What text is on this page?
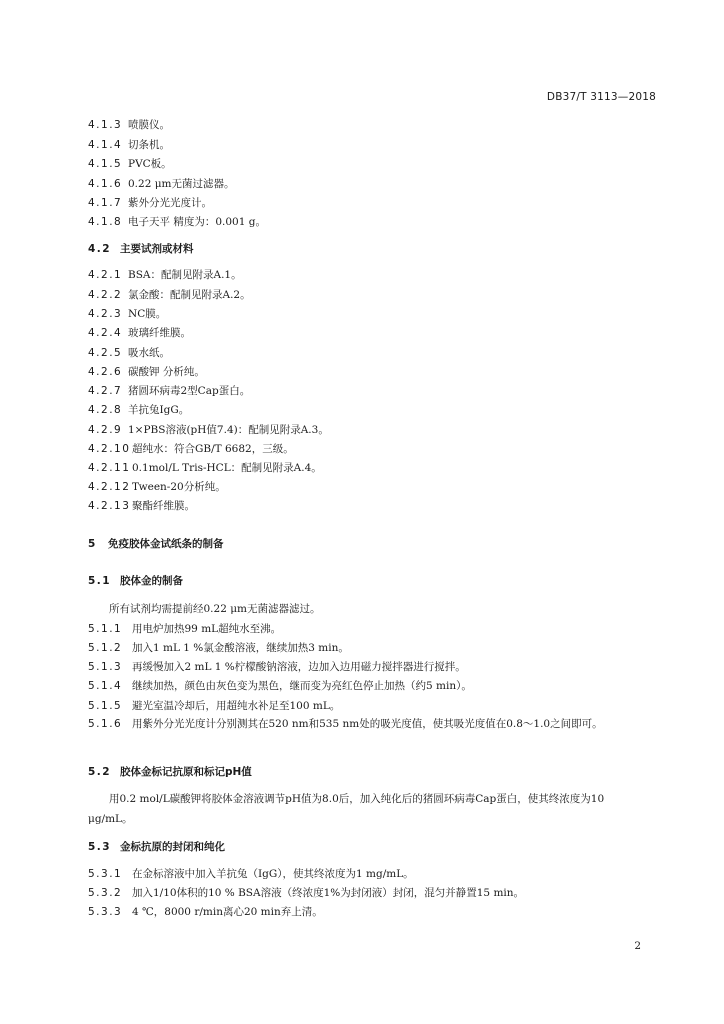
DB37/T 3113—2018
4.1.3 喷膜仪。
4.1.4 切条机。
4.1.5 PVC板。
4.1.6 0.22 μm无菌过滤器。
4.1.7 紫外分光光度计。
4.1.8 电子天平 精度为：0.001 g。
4.2 主要试剂或材料
4.2.1 BSA：配制见附录A.1。
4.2.2 氯金酸：配制见附录A.2。
4.2.3 NC膜。
4.2.4 玻璃纤维膜。
4.2.5 吸水纸。
4.2.6 碳酸钾 分析纯。
4.2.7 猪圆环病毒2型Cap蛋白。
4.2.8 羊抗兔IgG。
4.2.9 1×PBS溶液(pH值7.4)：配制见附录A.3。
4.2.10 超纯水：符合GB/T 6682，三级。
4.2.11 0.1mol/L Tris-HCL：配制见附录A.4。
4.2.12 Tween-20分析纯。
4.2.13 聚酯纤维膜。
5 免疫胶体金试纸条的制备
5.1 胶体金的制备
所有试剂均需提前经0.22 μm无菌滤器滤过。
5.1.1 用电炉加热99 mL超纯水至沸。
5.1.2 加入1 mL 1 %氯金酸溶液，继续加热3 min。
5.1.3 再缓慢加入2 mL 1 %柠檬酸钠溶液，边加入边用磁力搅拌器进行搅拌。
5.1.4 继续加热，颜色由灰色变为黑色，继而变为亮红色停止加热（约5 min）。
5.1.5 避光室温冷却后，用超纯水补足至100 mL。
5.1.6 用紫外分光光度计分别测其在520 nm和535 nm处的吸光度值，使其吸光度值在0.8～1.0之间即可。
5.2 胶体金标记抗原和标记pH值
用0.2 mol/L碳酸钾将胶体金溶液调节pH值为8.0后，加入纯化后的猪圆环病毒Cap蛋白，使其终浓度为10 μg/mL。
5.3 金标抗原的封闭和纯化
5.3.1 在金标溶液中加入羊抗兔（IgG），使其终浓度为1 mg/mL。
5.3.2 加入1/10体积的10 % BSA溶液（终浓度1%为封闭液）封闭，混匀并静置15 min。
5.3.3 4 ℃，8000 r/min离心20 min弃上清。
2
